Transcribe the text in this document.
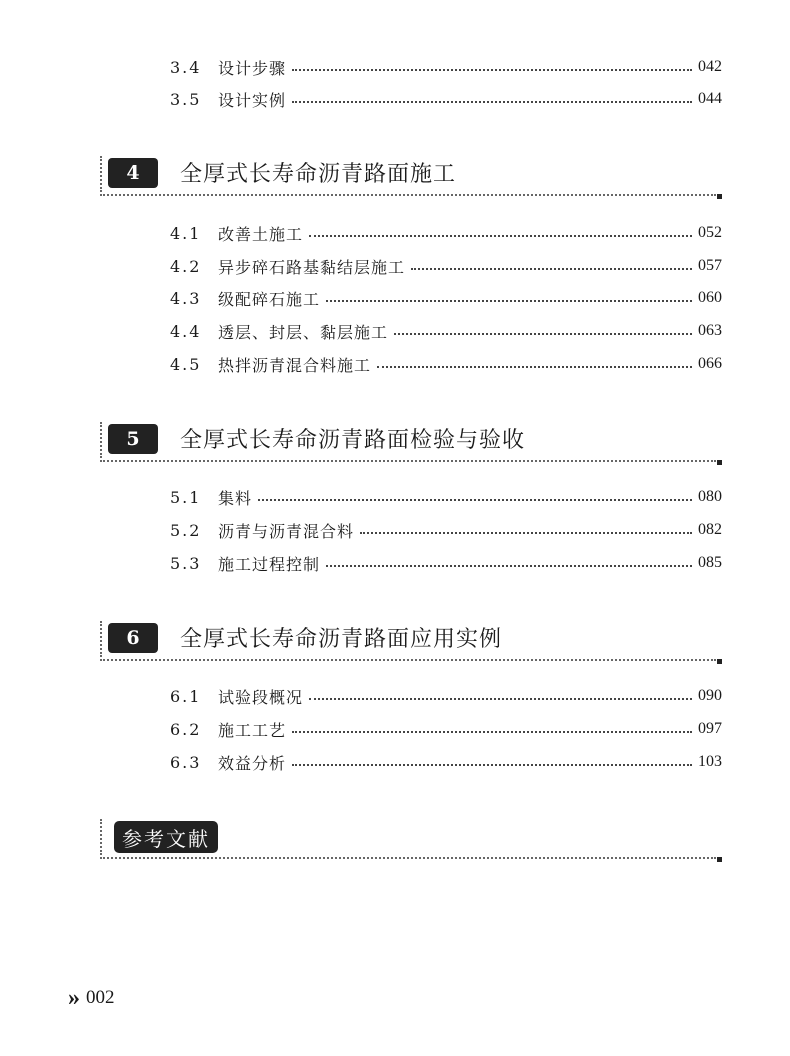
3.4	设计步骤	042
3.5	设计实例	044
4	全厚式长寿命沥青路面施工
4.1	改善土施工	052
4.2	异步碎石路基黏结层施工	057
4.3	级配碎石施工	060
4.4	透层、封层、黏层施工	063
4.5	热拌沥青混合料施工	066
5	全厚式长寿命沥青路面检验与验收
5.1	集料	080
5.2	沥青与沥青混合料	082
5.3	施工过程控制	085
6	全厚式长寿命沥青路面应用实例
6.1	试验段概况	090
6.2	施工工艺	097
6.3	效益分析	103
参考文献
» 002
